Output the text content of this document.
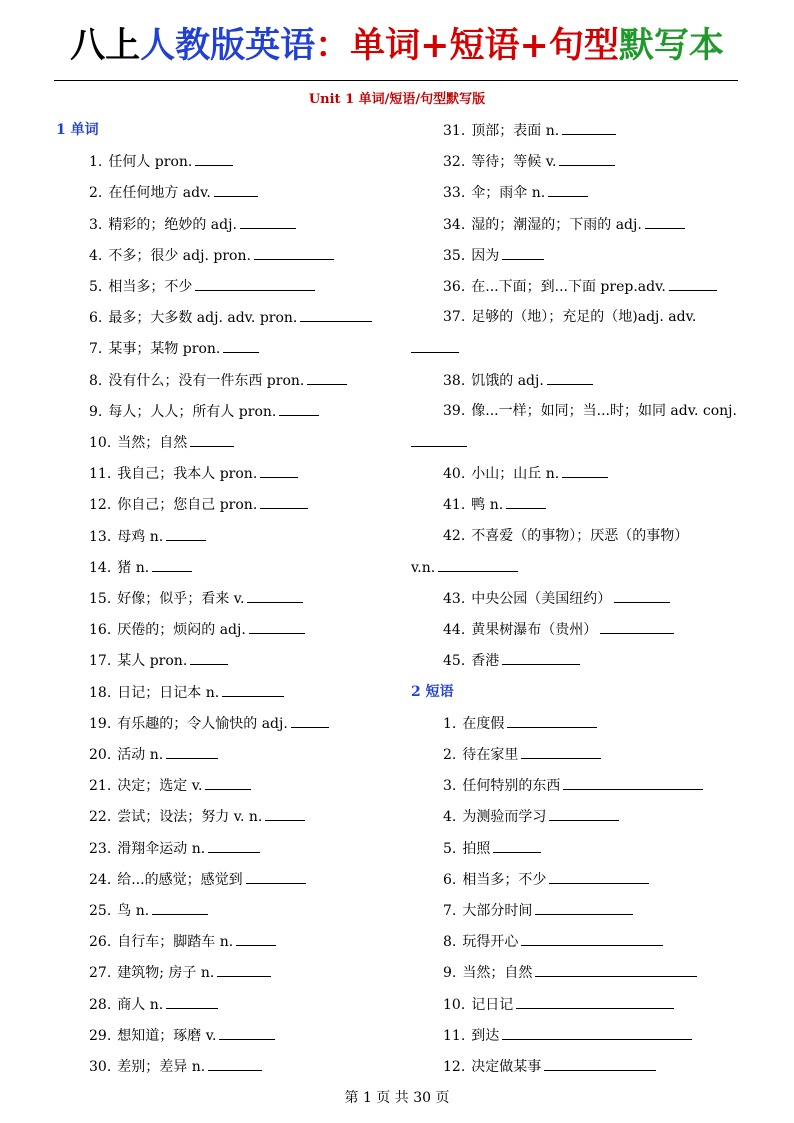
八上人教版英语：单词+短语+句型默写本
Unit 1 单词/短语/句型默写版
1 单词
1. 任何人 pron.
2. 在任何地方 adv.
3. 精彩的；绝妙的 adj.
4. 不多；很少 adj. pron.
5. 相当多；不少
6. 最多；大多数 adj. adv. pron.
7. 某事；某物 pron.
8. 没有什么；没有一件东西 pron.
9. 每人；人人；所有人 pron.
10. 当然；自然
11. 我自己；我本人 pron.
12. 你自己；您自己 pron.
13. 母鸡 n.
14. 猪 n.
15. 好像；似乎；看来 v.
16. 厌倦的；烦闷的 adj.
17. 某人 pron.
18. 日记；日记本 n.
19. 有乐趣的；令人愉快的 adj.
20. 活动 n.
21. 决定；选定 v.
22. 尝试；设法；努力 v. n.
23. 滑翔伞运动 n.
24. 给...的感觉；感觉到
25. 鸟 n.
26. 自行车；脚踏车 n.
27. 建筑物; 房子 n.
28. 商人 n.
29. 想知道；琢磨 v.
30. 差别；差异 n.
31. 顶部；表面 n.
32. 等待；等候 v.
33. 伞；雨伞 n.
34. 湿的；潮湿的；下雨的 adj.
35. 因为
36. 在...下面；到...下面 prep.adv.
37. 足够的（地）；充足的（地)adj. adv.
38. 饥饿的 adj.
39. 像...一样；如同；当...时；如同 adv. conj.
40. 小山；山丘 n.
41. 鸭 n.
42. 不喜爱（的事物）；厌恶（的事物）
v.n.
43. 中央公园（美国纽约）
44. 黄果树瀑布（贵州）
45. 香港
2 短语
1. 在度假
2. 待在家里
3. 任何特别的东西
4. 为测验而学习
5. 拍照
6. 相当多；不少
7. 大部分时间
8. 玩得开心
9. 当然；自然
10. 记日记
11. 到达
12. 决定做某事
第 1 页 共 30 页
